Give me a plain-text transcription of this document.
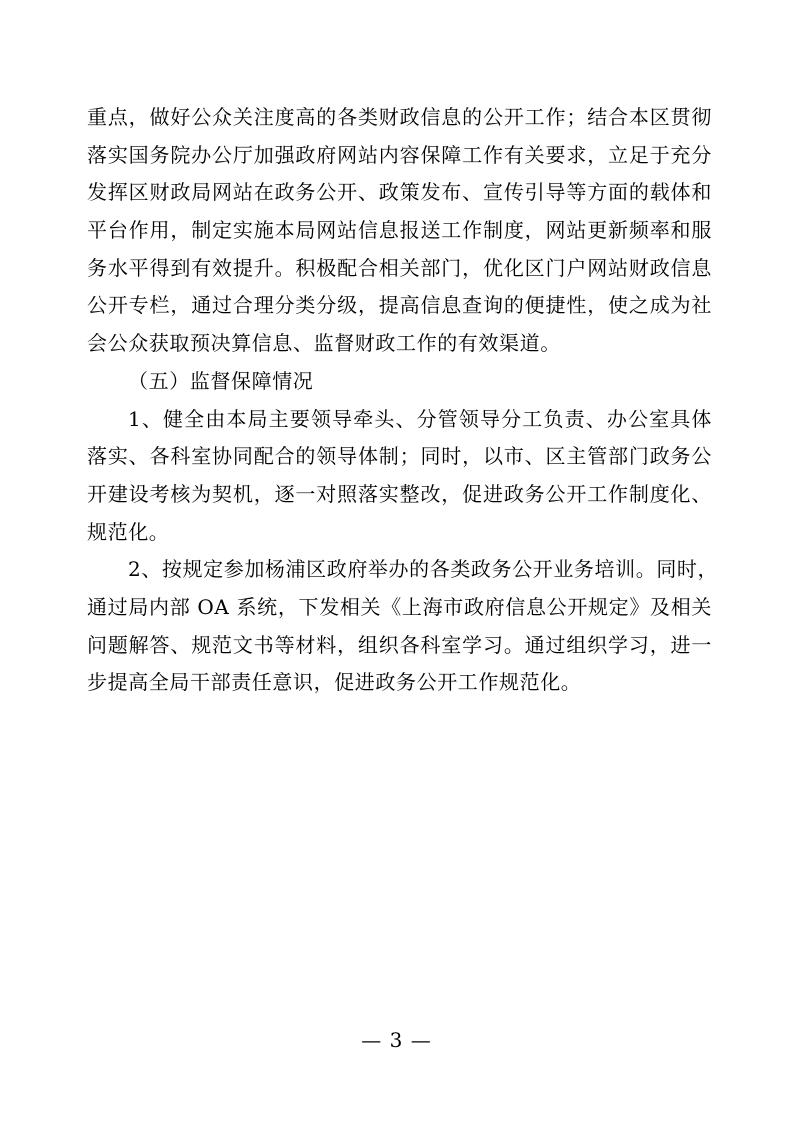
重点，做好公众关注度高的各类财政信息的公开工作；结合本区贯彻
落实国务院办公厅加强政府网站内容保障工作有关要求，立足于充分
发挥区财政局网站在政务公开、政策发布、宣传引导等方面的载体和
平台作用，制定实施本局网站信息报送工作制度，网站更新频率和服
务水平得到有效提升。积极配合相关部门，优化区门户网站财政信息
公开专栏，通过合理分类分级，提高信息查询的便捷性，使之成为社
会公众获取预决算信息、监督财政工作的有效渠道。
（五）监督保障情况
1、健全由本局主要领导牵头、分管领导分工负责、办公室具体
落实、各科室协同配合的领导体制；同时，以市、区主管部门政务公
开建设考核为契机，逐一对照落实整改，促进政务公开工作制度化、
规范化。
2、按规定参加杨浦区政府举办的各类政务公开业务培训。同时，
通过局内部 OA 系统，下发相关《上海市政府信息公开规定》及相关
问题解答、规范文书等材料，组织各科室学习。通过组织学习，进一
步提高全局干部责任意识，促进政务公开工作规范化。
— 3 —
